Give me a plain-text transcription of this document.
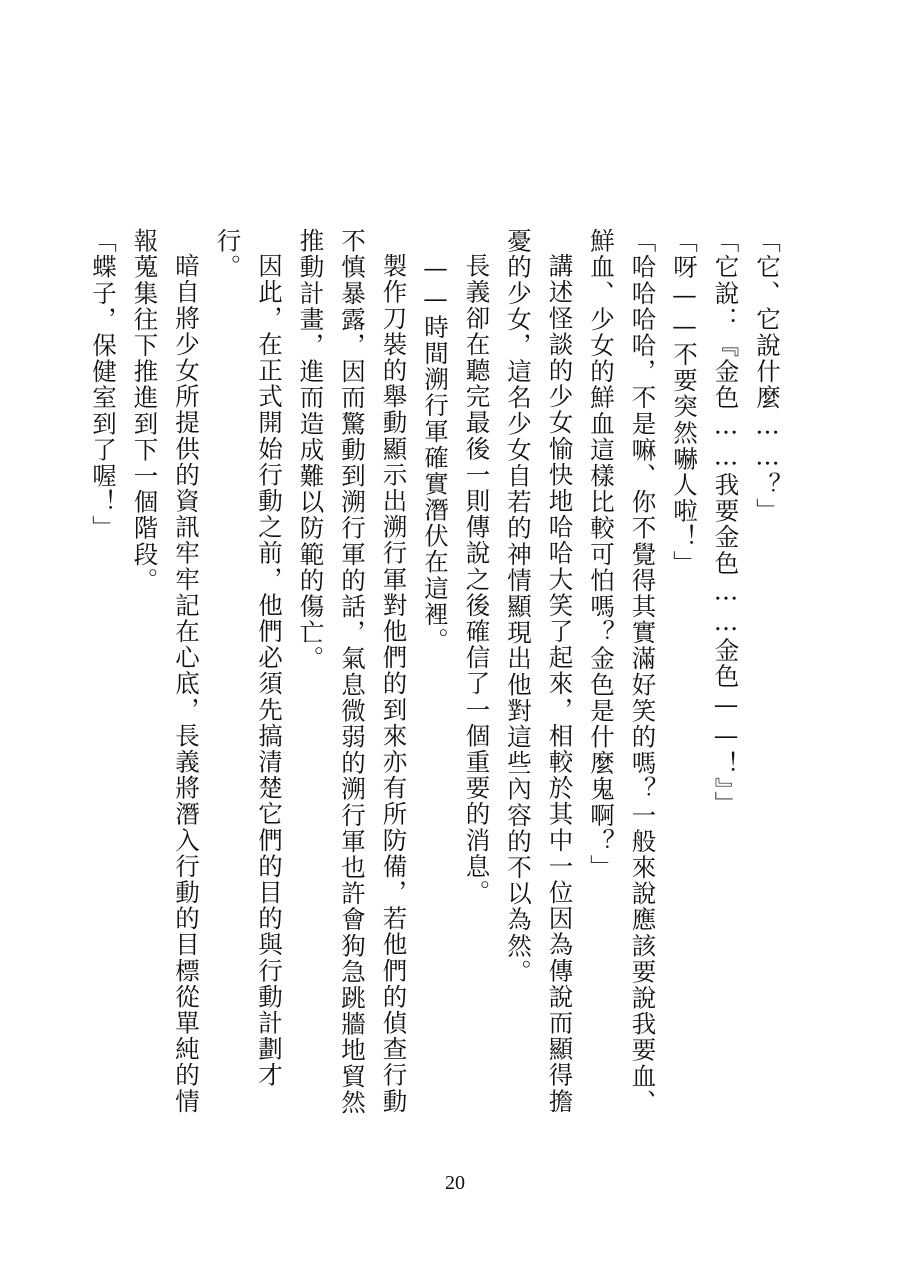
「它、它說什麼……？」

「它說：『金色……我要金色……金色——！』」

「呀——不要突然嚇人啦！」

「哈哈哈哈，不是嘛、你不覺得其實滿好笑的嗎？一般來說應該要說我要血、鮮血、少女的鮮血這樣比較可怕嗎？金色是什麼鬼啊？」

講述怪談的少女愉快地哈哈大笑了起來，相較於其中一位因為傳說而顯得擔憂的少女，這名少女自若的神情顯現出他對這些內容的不以為然。

長義卻在聽完最後一則傳說之後確信了一個重要的消息。

——時間溯行軍確實潛伏在這裡。

製作刀裝的舉動顯示出溯行軍對他們的到來亦有所防備，若他們的偵查行動不慎暴露，因而驚動到溯行軍的話，氣息微弱的溯行軍也許會狗急跳牆地貿然推動計畫，進而造成難以防範的傷亡。

因此，在正式開始行動之前，他們必須先搞清楚它們的目的與行動計劃才行。

暗自將少女所提供的資訊牢牢記在心底，長義將潛入行動的目標從單純的情報蒐集往下推進到下一個階段。

「蝶子，保健室到了喔！」

20
